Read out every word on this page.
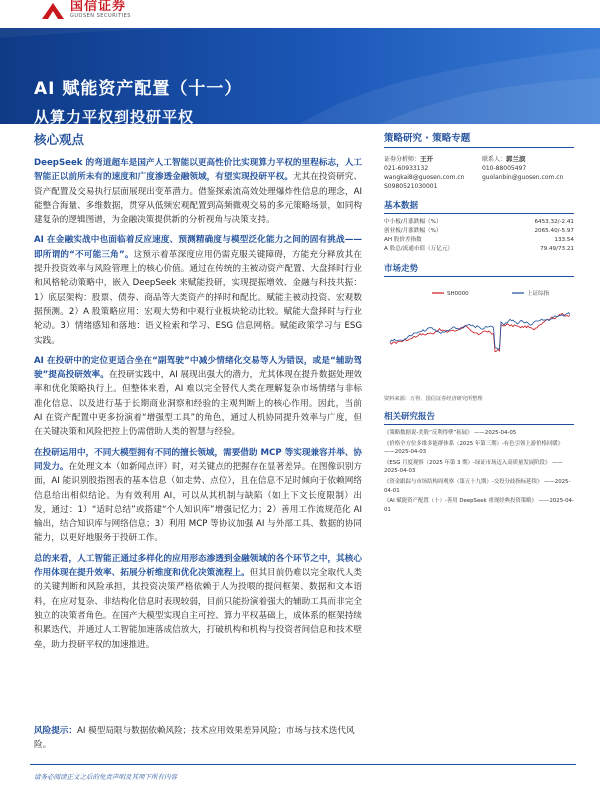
国信证券
GUOSEN SECURITIES
AI 赋能资产配置（十一）
从算力平权到投研平权
核心观点

DeepSeek 的弯道超车是国产人工智能以更高性价比实现算力平权的里程标志，人工智能正以前所未有的速度和广度渗透金融领域，有望实现投研平权。尤其在投资研究、资产配置及交易执行层面展现出变革潜力。借鉴探索流高效处理爆炸性信息的理念，AI 能整合海量、多维数据，贯穿从低频宏观配置到高频微观交易的多元策略场景，如同构建复杂的逻辑图谱，为金融决策提供新的分析视角与决策支持。

AI 在金融实战中也面临着反应速度、预测精确度与模型泛化能力之间的固有挑战——即所谓的“不可能三角”。这预示着革深度应用仍需克服关键障碍，方能充分释放其在提升投资效率与风险管理上的核心价值。通过在传统的主被动资产配置、大盘择时行业和风格轮动策略中，嵌入 DeepSeek 来赋能投研，实现提振增效、金融与科技共振：1）底层架构：股票、债券、商品等大类资产的择时和配比。赋能主被动投资、宏观数据预测。2）A 股策略应用：宏观大势和中观行业板块轮动比较。赋能大盘择时与行业轮动。3）情绪感知和落地：语义检索和学习、ESG 信息网格。赋能政策学习与 ESG 实践。

AI 在投研中的定位更适合坐在“副驾驶”中减少情绪化交易等人为错误，或是“辅助驾驶”提高投研效率。在投研实践中，AI 展现出强大的潜力，尤其体现在提升数据处理效率和优化策略执行上。但整体来看，AI 难以完全替代人类在理解复杂市场情绪与非标准化信息、以及进行基于长期商业洞察和经验的主观判断上的核心作用。因此，当前 AI 在资产配置中更多扮演着“增强型工具”的角色，通过人机协同提升效率与广度，但在关键决策和风险把控上仍需借助人类的智慧与经验。

在投研运用中，不同大模型拥有不同的擅长领域，需要借助 MCP 等实现兼容并举、协同发力。在处理文本（如新闻点评）时，对关键点的把握存在显著差异。在图像识别方面，AI 能识别股指图表的基本信息（如走势、点位），且在信息不足时倾向于依赖网络信息给出相似结论。为有效利用 AI，可以从其机制与缺陷（如上下文长度限制）出发，通过：1）“适时总结”或搭建“个人知识库”增强记忆力；2）善用工作流规范化 AI 输出，结合知识库与网络信息；3）利用 MCP 等协议加强 AI 与外部工具、数据的协同能力，以更好地服务于投研工作。

总的来看，人工智能正通过多样化的应用形态渗透到金融领域的各个环节之中，其核心作用体现在提升效率、拓展分析维度和优化决策流程上。但其目前仍难以完全取代人类的关键判断和风险承担，其投资决策严格依赖于人为投喂的提问框架、数据和文本语料，在应对复杂、非结构化信息时表现较弱，目前只能扮演着强大的辅助工具而非完全独立的决策者角色。在国产大模型实现自主可控、算力平权基础上，成体系的框架持续积累迭代，并通过人工智能加速落成信放大，打破机构和机构与投资者间信息和技术壁垒，助力投研平权的加速推进。

风险提示：AI 模型局限与数据依赖风险；技术应用效果差异风险；市场与技术迭代风险。
策略研究 · 策略专题
证券分析师：王开
021-60933132
wangkai8@guosen.com.cn
S0980521030001
联系人：郭兰滨
010-88005497
guolanbin@guosen.com.cn
基本数据
中小板/月涨跌幅（%）	6453.32/-2.41
创业板/月涨跌幅（%）	2065.40/-5.97
AH 股价差指数	133.54
A 股总/流通市值（万亿元）	79.49/73.21
市场走势
SH0000	上证综指
资料来源：万得、国信证券经济研究所整理
相关研究报告
《策略数据说-美股“反利得孽”拓展》 ——2025-04-05
《价格全方位多维多能群体系（2025 年第三期）-有色引领上游价格回暖》 ——2025-04-03
《ESG 月度观察（2025 年第 3 期）-绿证市场迈入高质量发展阶段》 ——2025-04-03
《资金跟踪与市场结构周观察（第五十九期）-交投分歧指标延续》 ——2025-04-01
《AI 赋能资产配置（十）-善用 DeepSeek 重现经典投资策略》 ——2025-04-01
请务必阅读正文之后的免责声明及其项下所有内容
